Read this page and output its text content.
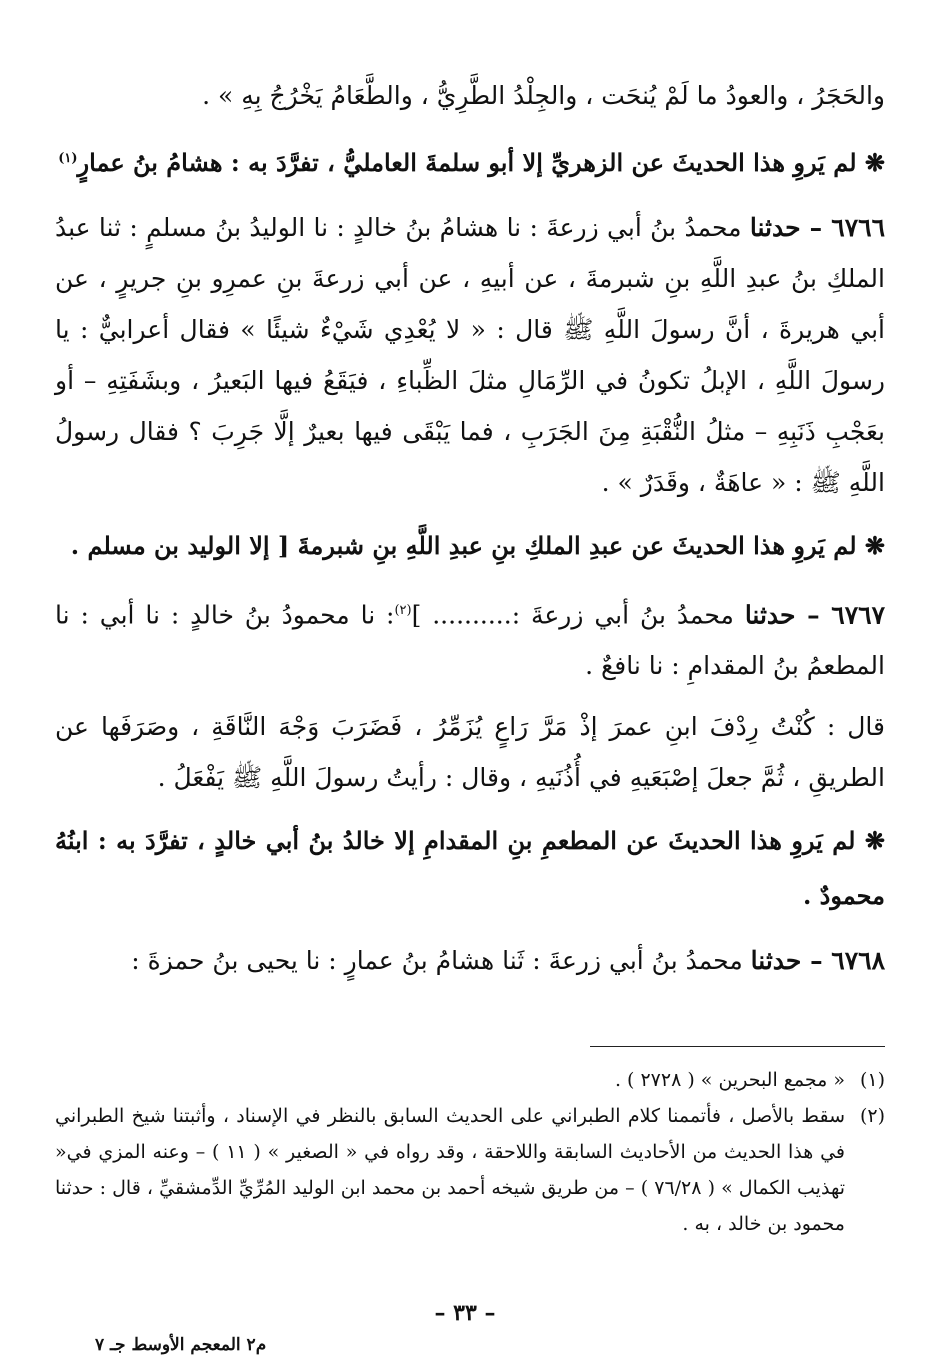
والحَجَرُ ، والعودُ ما لَمْ يُنحَت ، والجِلْدُ الطَّرِيُّ ، والطَّعَامُ يَخْرُجُ بِهِ » .
❋ لم يَروِ هذا الحديثَ عن الزهريِّ إلا أبو سلمةَ العامليُّ ، تفرَّدَ به : هشامُ بنُ عمارٍ$^{(١)}$
٦٧٦٦ – حدثنا محمدُ بنُ أبي زرعةَ : نا هشامُ بنُ خالدٍ : نا الوليدُ بنُ مسلمٍ : ثنا عبدُ الملكِ بنُ عبدِ اللَّهِ بنِ شبرمةَ ، عن أبيهِ ، عن أبي زرعةَ بنِ عمرِو بنِ جريرٍ ، عن أبي هريرةَ ، أنَّ رسولَ اللَّهِ ﷺ قال : « لا يُعْدِي شَيْءٌ شيئًا » فقال أعرابيٌّ : يا رسولَ اللَّهِ ، الإبلُ تكونُ في الرِّمَالِ مثلَ الظِّباءِ ، فيَقَعُ فيها البَعيرُ ، وبشَفَتِهِ – أو بعَجْبِ ذَنَبِهِ – مثلُ النُّقْبَةِ مِنَ الجَرَبِ ، فما يَبْقَى فيها بعيرٌ إلَّا جَرِبَ ؟ فقال رسولُ اللَّهِ ﷺ : « عاهَةٌ ، وقَدَرٌ » .
❋ لم يَروِ هذا الحديثَ عن عبدِ الملكِ بنِ عبدِ اللَّهِ بنِ شبرمةَ [ إلا الوليد بن مسلم .
٦٧٦٧ – حدثنا محمدُ بنُ أبي زرعةَ :.......... ]$^{(٢)}$: نا محمودُ بنُ خالدٍ : نا أبي : نا المطعمُ بنُ المقدامِ : نا نافعٌ .
قال : كُنْتُ رِدْفَ ابنِ عمرَ إذْ مَرَّ رَاعٍ يُزَمِّرُ ، فَضَرَبَ وَجْهَ النَّاقَةِ ، وصَرَفَها عن الطريقِ ، ثُمَّ جعلَ إصْبَعَيهِ في أُذُنَيهِ ، وقال : رأيتُ رسولَ اللَّهِ ﷺ يَفْعَلُ .
❋ لم يَروِ هذا الحديثَ عن المطعمِ بنِ المقدامِ إلا خالدُ بنُ أبي خالدٍ ، تفرَّدَ به : ابنُهُ محمودٌ .
٦٧٦٨ – حدثنا محمدُ بنُ أبي زرعةَ : ثَنا هشامُ بنُ عمارٍ : نا يحيى بنُ حمزةَ :
(١)
« مجمع البحرين » ( ٢٧٢٨ ) .
(٢)
سقط بالأصل ، فأتممنا كلام الطبراني على الحديث السابق بالنظر في الإسناد ، وأثبتنا شيخ الطبراني في هذا الحديث من الأحاديث السابقة واللاحقة ، وقد رواه في « الصغير » ( ١١ ) – وعنه المزي في« تهذيب الكمال » ( ٧٦/٢٨ ) – من طريق شيخه أحمد بن محمد ابن الوليد المُرِّيِّ الدِّمشقيِّ ، قال : حدثنا محمود بن خالد ، به .
– ٣٣ –
م٢ المعجم الأوسط جـ ٧
